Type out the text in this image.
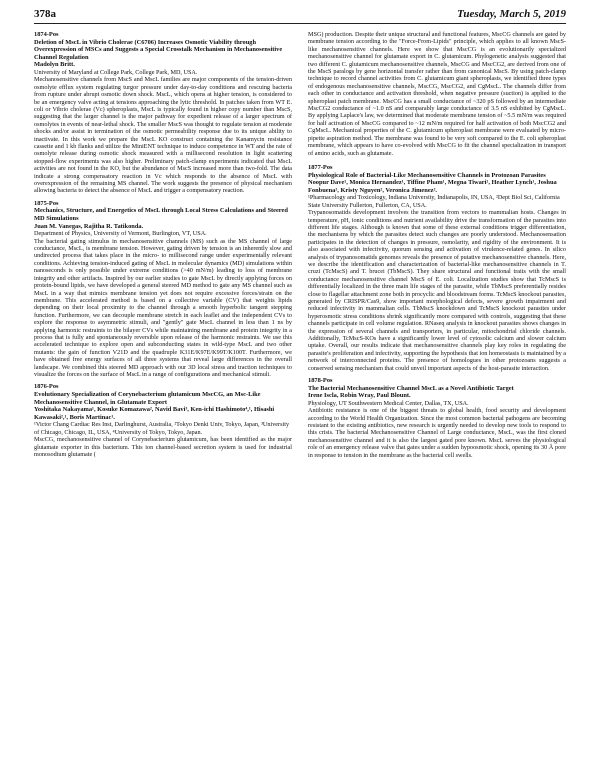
378a	Tuesday, March 5, 2019
1874-Pos
Deletion of MscL in Vibrio Cholerae (C6706) Increases Osmotic Viability through Overexpression of MSCs and Suggests a Special Crosstalk Mechanism in Mechanosensitive Channel Regulation
Madolyn Britt.
University of Maryland at College Park, College Park, MD, USA.
Mechanosensitive channels from MscS and MscL families are major components of the tension-driven osmolyte efflux system regulating turgor pressure under day-to-day conditions and rescuing bacteria from rupture under abrupt osmotic down shock. MscL, which opens at higher tension, is considered to be an emergency valve acting at tensions approaching the lytic threshold. In patches taken from WT E. coli or Vibrio cholerae (Vc) spheroplasts, MscL is typically found in higher copy number than MscS, suggesting that the larger channel is the major pathway for expedient release of a larger spectrum of osmolytes in events of near-lethal shock. The smaller MscS was thought to regulate tension at moderate shocks and/or assist in termination of the osmotic permeability response due to its unique ability to inactivate. In this work we prepare the MscL KO construct containing the Kanamycin resistance cassette and 1 kb flanks and utilize the MiniENT technique to induce competence in WT and the rate of osmolyte release during osmotic shock measured with a millisecond resolution in light scattering stopped-flow experiments was also higher. Preliminary patch-clamp experiments indicated that MscL activities are not found in the KO, but the abundance of MscS increased more than two-fold. The data indicate a strong compensatory reaction in Vc which responds to the absence of MscL with overexpression of the remaining MS channel. The work suggests the presence of physical mechanism allowing bacteria to detect the absence of MscL and trigger a compensatory reaction.
1875-Pos
Mechanics, Structure, and Energetics of MscL through Local Stress Calculations and Steered MD Simulations
Juan M. Vanegas, Rajitha R. Tatikonda.
Department of Physics, University of Vermont, Burlington, VT, USA.
The bacterial gating stimulus in mechanosensitive channels (MS) such as the MS channel of large conductance, MscL, is membrane tension. However, gating driven by tension is an inherently slow and undirected process that takes place in the micro- to millisecond range under experimentally relevant conditions. Achieving tension-induced gating of MscL in molecular dynamics (MD) simulations within nanoseconds is only possible under extreme conditions (>40 mN/m) leading to loss of membrane integrity and other artifacts. Inspired by our earlier studies to gate MscL by directly applying forces on protein-bound lipids, we have developed a general steered MD method to gate any MS channel such as MscL in a way that mimics membrane tension yet does not require excessive forces/strain on the membrane. This accelerated method is based on a collective variable (CV) that weights lipids depending on their local proximity to the channel through a smooth hyperbolic tangent stepping function. Furthermore, we can decouple membrane stretch in each leaflet and the independent CVs to explore the response to asymmetric stimuli, and "gently" gate MscL channel in less than 1 ns by applying harmonic restraints to the bilayer CVs while maintaining membrane and protein integrity in a process that is fully and spontaneously reversible upon release of the harmonic restraints. We use this accelerated technique to explore open and subconducting states in wild-type MscL and two other mutants: the gain of function V21D and the quadruple K31E/K97E/K99T/K100T. Furthermore, we have obtained free energy surfaces of all three systems that reveal large differences in the overall landscape. We combined this steered MD approach with our 3D local stress and traction techniques to visualize the forces on the surface of MscL in a range of configurations and mechanical stimuli.
1876-Pos
Evolutionary Specialization of Corynebacterium glutamicum MscCG, an Msc-Like Mechanosensitive Channel, in Glutamate Export
Yoshitaka Nakayama¹, Kosuke Komazawa², Navid Bavi³, Ken-ichi Hashimoto⁴,¹, Hisashi Kawasaki²,¹, Boris Martinac¹.
¹Victor Chang Cardiac Res Inst, Darlinghurst, Australia, ²Tokyo Denki Univ, Tokyo, Japan, ³University of Chicago, Chicago, IL, USA, ⁴University of Tokyo, Tokyo, Japan.
MscCG, mechanosensitive channel of Corynebacterium glutamicum, has been identified as the major glutamate exporter in this bacterium. This ion channel-based secretion system is used for industrial monosodium glutamate (
MSG) production. Despite their unique structural and functional features, MscCG channels are gated by membrane tension according to the "Force-From-Lipids" principle, which applies to all known MscS-like mechanosensitive channels. Here we show that MscCG is an evolutionarily specialized mechanosensitive channel for glutamate export in C. glutamicum. Phylogenetic analysis suggested that two different C. glutamicum mechanosensitive channels, MscCG and MscCG2, are derived from one of the MscS paralogs by gene horizontal transfer rather than from canonical MscS. By using patch-clamp technique to record channel activities from C. glutamicum giant spheroplasts, we identified three types of endogenous mechanosensitive channels, MscCG, MscCG2, and CgMscL. The channels differ from each other in conductance and activation threshold, when negative pressure (suction) is applied to the spheroplast patch membrane. MscCG has a small conductance of ~320 pS followed by an intermediate MscCG2 conductance of ~1.0 nS and comparably large conductance of 3.5 nS exhibited by CgMscL. By applying Laplace's law, we determined that moderate membrane tension of ~5.5 mN/m was required for half activation of MscCG compared to ~12 mN/m required for half activation of both MscCG2 and CgMscL. Mechanical properties of the C. glutamicum spheroplast membrane were evaluated by micro-pipette aspiration method. The membrane was found to be very soft compared to the E. coli spheroplast membrane, which appears to have co-evolved with MscCG to fit the channel specialization in transport of amino acids, such as glutamate.
1877-Pos
Physiological Role of Bacterial-Like Mechanosensitive Channels in Protozoan Parasites
Noopur Dave¹, Monica Hernandez¹, Tiffine Pham¹, Megna Tiwari², Heather Lynch¹, Joshua Fonbuena², Kristy Nguyen², Veronica Jimenez².
¹Pharmacology and Toxicology, Indiana University, Indianapolis, IN, USA, ²Dept Biol Sci, California State University Fullerton, Fullerton, CA, USA.
Trypanosomatids development involves the transition from vectors to mammalian hosts. Changes in temperature, pH, ionic conditions and nutrient availability drive the transformation of the parasites into different life stages. Although is known that some of these external conditions trigger differentiation, the mechanisms by which the parasites detect such changes are poorly understood. Mechanosensation participates in the detection of changes in pressure, osmolarity, and rigidity of the environment. It is also associated with infectivity, quorum sensing and activation of virulence-related genes. In silico analysis of trypanosomatids genomes reveals the presence of putative mechanosensitive channels. Here, we describe the identification and characterization of bacterial-like mechanosensitive channels in T. cruzi (TcMscS) and T. brucei (TbMscS). They share structural and functional traits with the small conductance mechanosensitive channel MscS of E. coli. Localization studies show that TcMscS is differentially localized in the three main life stages of the parasite, while TbMscS preferentially resides close to flagellar attachment zone both in procyclic and bloodstream forms. TcMscS knockout parasites, generated by CRISPR/Cas9, show important morphological defects, severe growth impairment and reduced infectivity in mammalian cells. TbMscS knockdown and TcMscS knockout parasites under hyperosmotic stress conditions shrink significantly more compared with controls, suggesting that these channels participate in cell volume regulation. RNaseq analysis in knockout parasites shows changes in the expression of several channels and transporters, in particular, mitochondrial chloride channels. Additionally, TcMscS-KOs have a significantly lower level of cytosolic calcium and slower calcium uptake. Overall, our results indicate that mechanosensitive channels play key roles in regulating the parasite's proliferation and infectivity, supporting the hypothesis that ion homeostasis is maintained by a network of interconnected proteins. The presence of homologues in other protozoans suggests a conserved sensing mechanism that could unveil important aspects of the host-parasite interaction.
1878-Pos
The Bacterial Mechanosensitive Channel MscL as a Novel Antibiotic Target
Irene Iscla, Robin Wray, Paul Blount.
Physiology, UT Southwestern Medical Center, Dallas, TX, USA.
Antibiotic resistance is one of the biggest threats to global health, food security and development according to the World Health Organization. Since the most common bacterial pathogens are becoming resistant to the existing antibiotics, new research is urgently needed to develop new tools to respond to this crisis. The bacterial Mechanosensitive Channel of Large conductance, MscL, was the first cloned mechanosensitive channel and it is also the largest gated pore known. MscL serves the physiological role of an emergency release valve that gates under a sudden hypoosmotic shock, opening its 30 Å pore in response to tension in the membrane as the bacterial cell swells.
